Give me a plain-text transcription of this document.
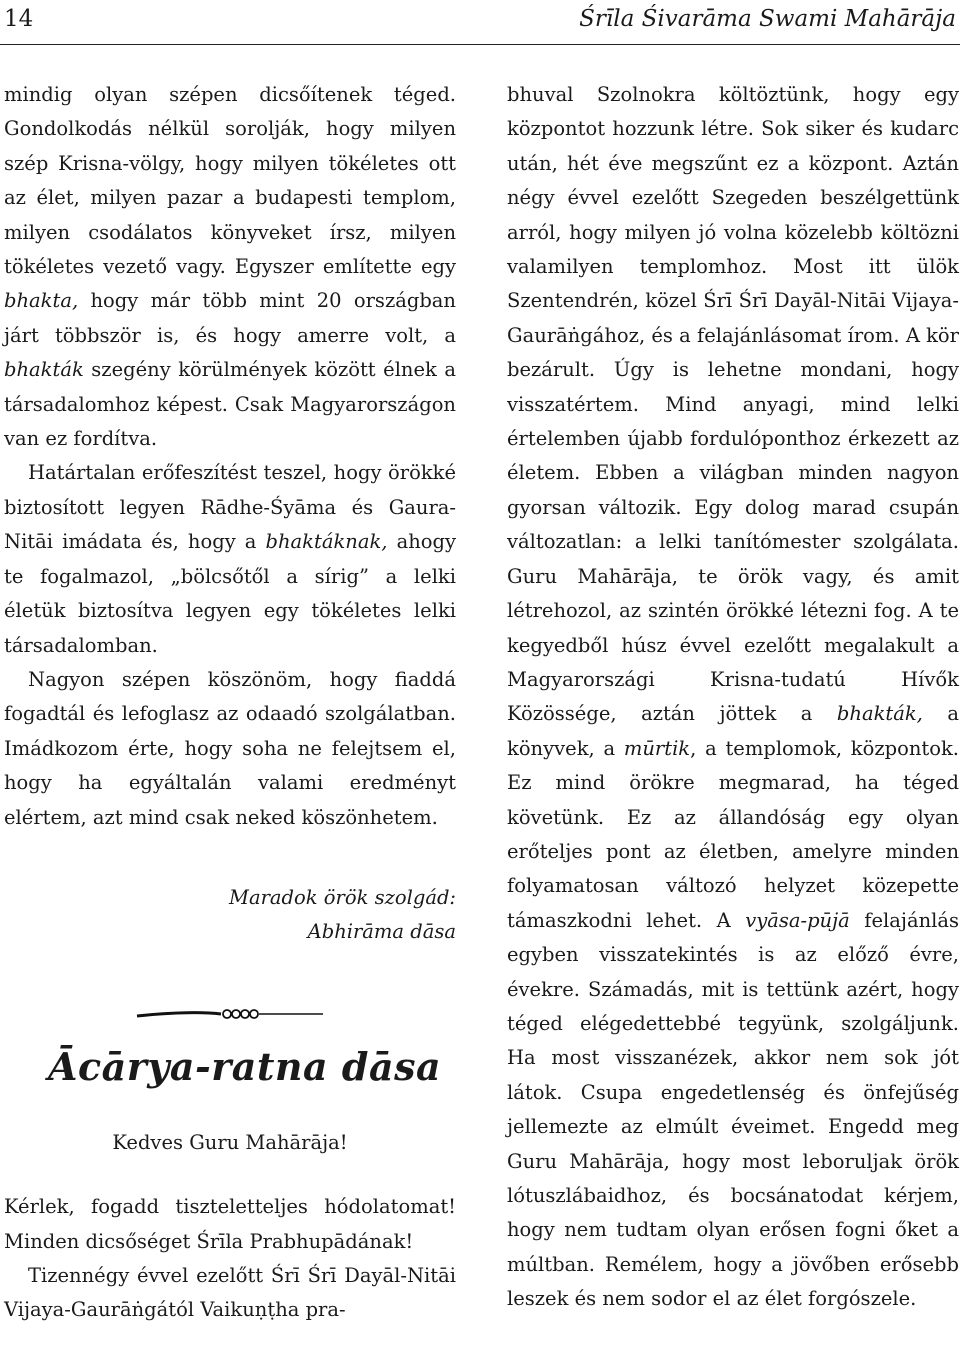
14	Śrīla Śivarāma Swami Mahārāja

mindig olyan szépen dicsőítenek téged. Gondolkodás nélkül sorolják, hogy milyen szép Krisna-völgy, hogy milyen tökéletes ott az élet, milyen pazar a budapesti templom, milyen csodálatos könyveket írsz, milyen tökéletes vezető vagy. Egyszer említette egy bhakta, hogy már több mint 20 országban járt többször is, és hogy amerre volt, a bhakták szegény körülmények között élnek a társadalomhoz képest. Csak Magyarországon van ez fordítva.

Határtalan erőfeszítést teszel, hogy örökké biztosított legyen Rādhe-Śyāma és Gaura-Nitāi imádata és, hogy a bhaktáknak, ahogy te fogalmazol, „bölcsőtől a sírig” a lelki életük biztosítva legyen egy tökéletes lelki társadalomban.

Nagyon szépen köszönöm, hogy fiaddá fogadtál és lefoglasz az odaadó szolgálatban. Imádkozom érte, hogy soha ne felejtsem el, hogy ha egyáltalán valami eredményt elértem, azt mind csak neked köszönhetem.

Maradok örök szolgád:

Abhirāma dāsa

Ācārya-ratna dāsa

Kedves Guru Mahārāja!

Kérlek, fogadd tiszteletteljes hódolatomat! Minden dicsőséget Śrīla Prabhupādának!

Tizennégy évvel ezelőtt Śrī Śrī Dayāl-Nitāi Vijaya-Gaurāṅgától Vaikuṇṭha pra-

bhuval Szolnokra költöztünk, hogy egy központot hozzunk létre. Sok siker és kudarc után, hét éve megszűnt ez a központ. Aztán négy évvel ezelőtt Szegeden beszélgettünk arról, hogy milyen jó volna közelebb költözni valamilyen templomhoz. Most itt ülök Szentendrén, közel Śrī Śrī Dayāl-Nitāi Vijaya-Gaurāṅgához, és a felajánlásomat írom. A kör bezárult. Úgy is lehetne mondani, hogy visszatértem. Mind anyagi, mind lelki értelemben újabb fordulóponthoz érkezett az életem. Ebben a világban minden nagyon gyorsan változik. Egy dolog marad csupán változatlan: a lelki tanítómester szolgálata. Guru Mahārāja, te örök vagy, és amit létrehozol, az szintén örökké létezni fog. A te kegyedből húsz évvel ezelőtt megalakult a Magyarországi Krisna-tudatú Hívők Közössége, aztán jöttek a bhakták, a könyvek, a mūrtik, a templomok, központok. Ez mind örökre megmarad, ha téged követünk. Ez az állandóság egy olyan erőteljes pont az életben, amelyre minden folyamatosan változó helyzet közepette támaszkodni lehet. A vyāsa-pūjā felajánlás egyben visszatekintés is az előző évre, évekre. Számadás, mit is tettünk azért, hogy téged elégedettebbé tegyünk, szolgáljunk. Ha most visszanézek, akkor nem sok jót látok. Csupa engedetlenség és önfejűség jellemezte az elmúlt éveimet. Engedd meg Guru Mahārāja, hogy most leboruljak örök lótuszlábaidhoz, és bocsánatodat kérjem, hogy nem tudtam olyan erősen fogni őket a múltban. Remélem, hogy a jövőben erősebb leszek és nem sodor el az élet forgószele.
